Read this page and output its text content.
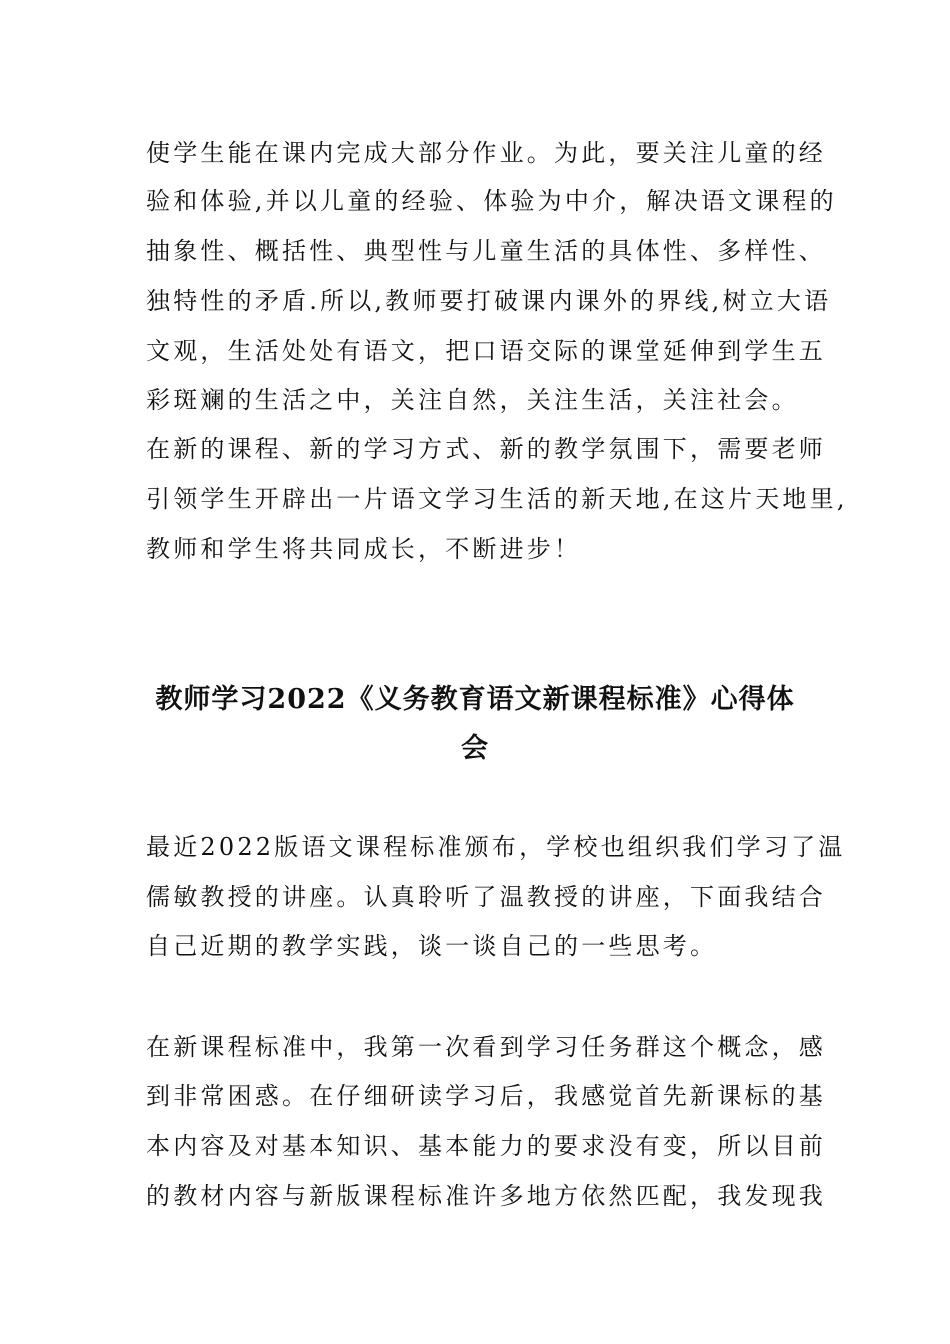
使学生能在课内完成大部分作业。为此，要关注儿童的经
验和体验,并以儿童的经验、体验为中介，解决语文课程的
抽象性、概括性、典型性与儿童生活的具体性、多样性、
独特性的矛盾.所以,教师要打破课内课外的界线,树立大语
文观，生活处处有语文，把口语交际的课堂延伸到学生五
彩斑斓的生活之中，关注自然，关注生活，关注社会。
在新的课程、新的学习方式、新的教学氛围下，需要老师
引领学生开辟出一片语文学习生活的新天地,在这片天地里,
教师和学生将共同成长，不断进步！
教师学习2022《义务教育语文新课程标准》心得体
会
最近2022版语文课程标准颁布，学校也组织我们学习了温
儒敏教授的讲座。认真聆听了温教授的讲座，下面我结合
自己近期的教学实践，谈一谈自己的一些思考。
在新课程标准中，我第一次看到学习任务群这个概念，感
到非常困惑。在仔细研读学习后，我感觉首先新课标的基
本内容及对基本知识、基本能力的要求没有变，所以目前
的教材内容与新版课程标准许多地方依然匹配，我发现我
